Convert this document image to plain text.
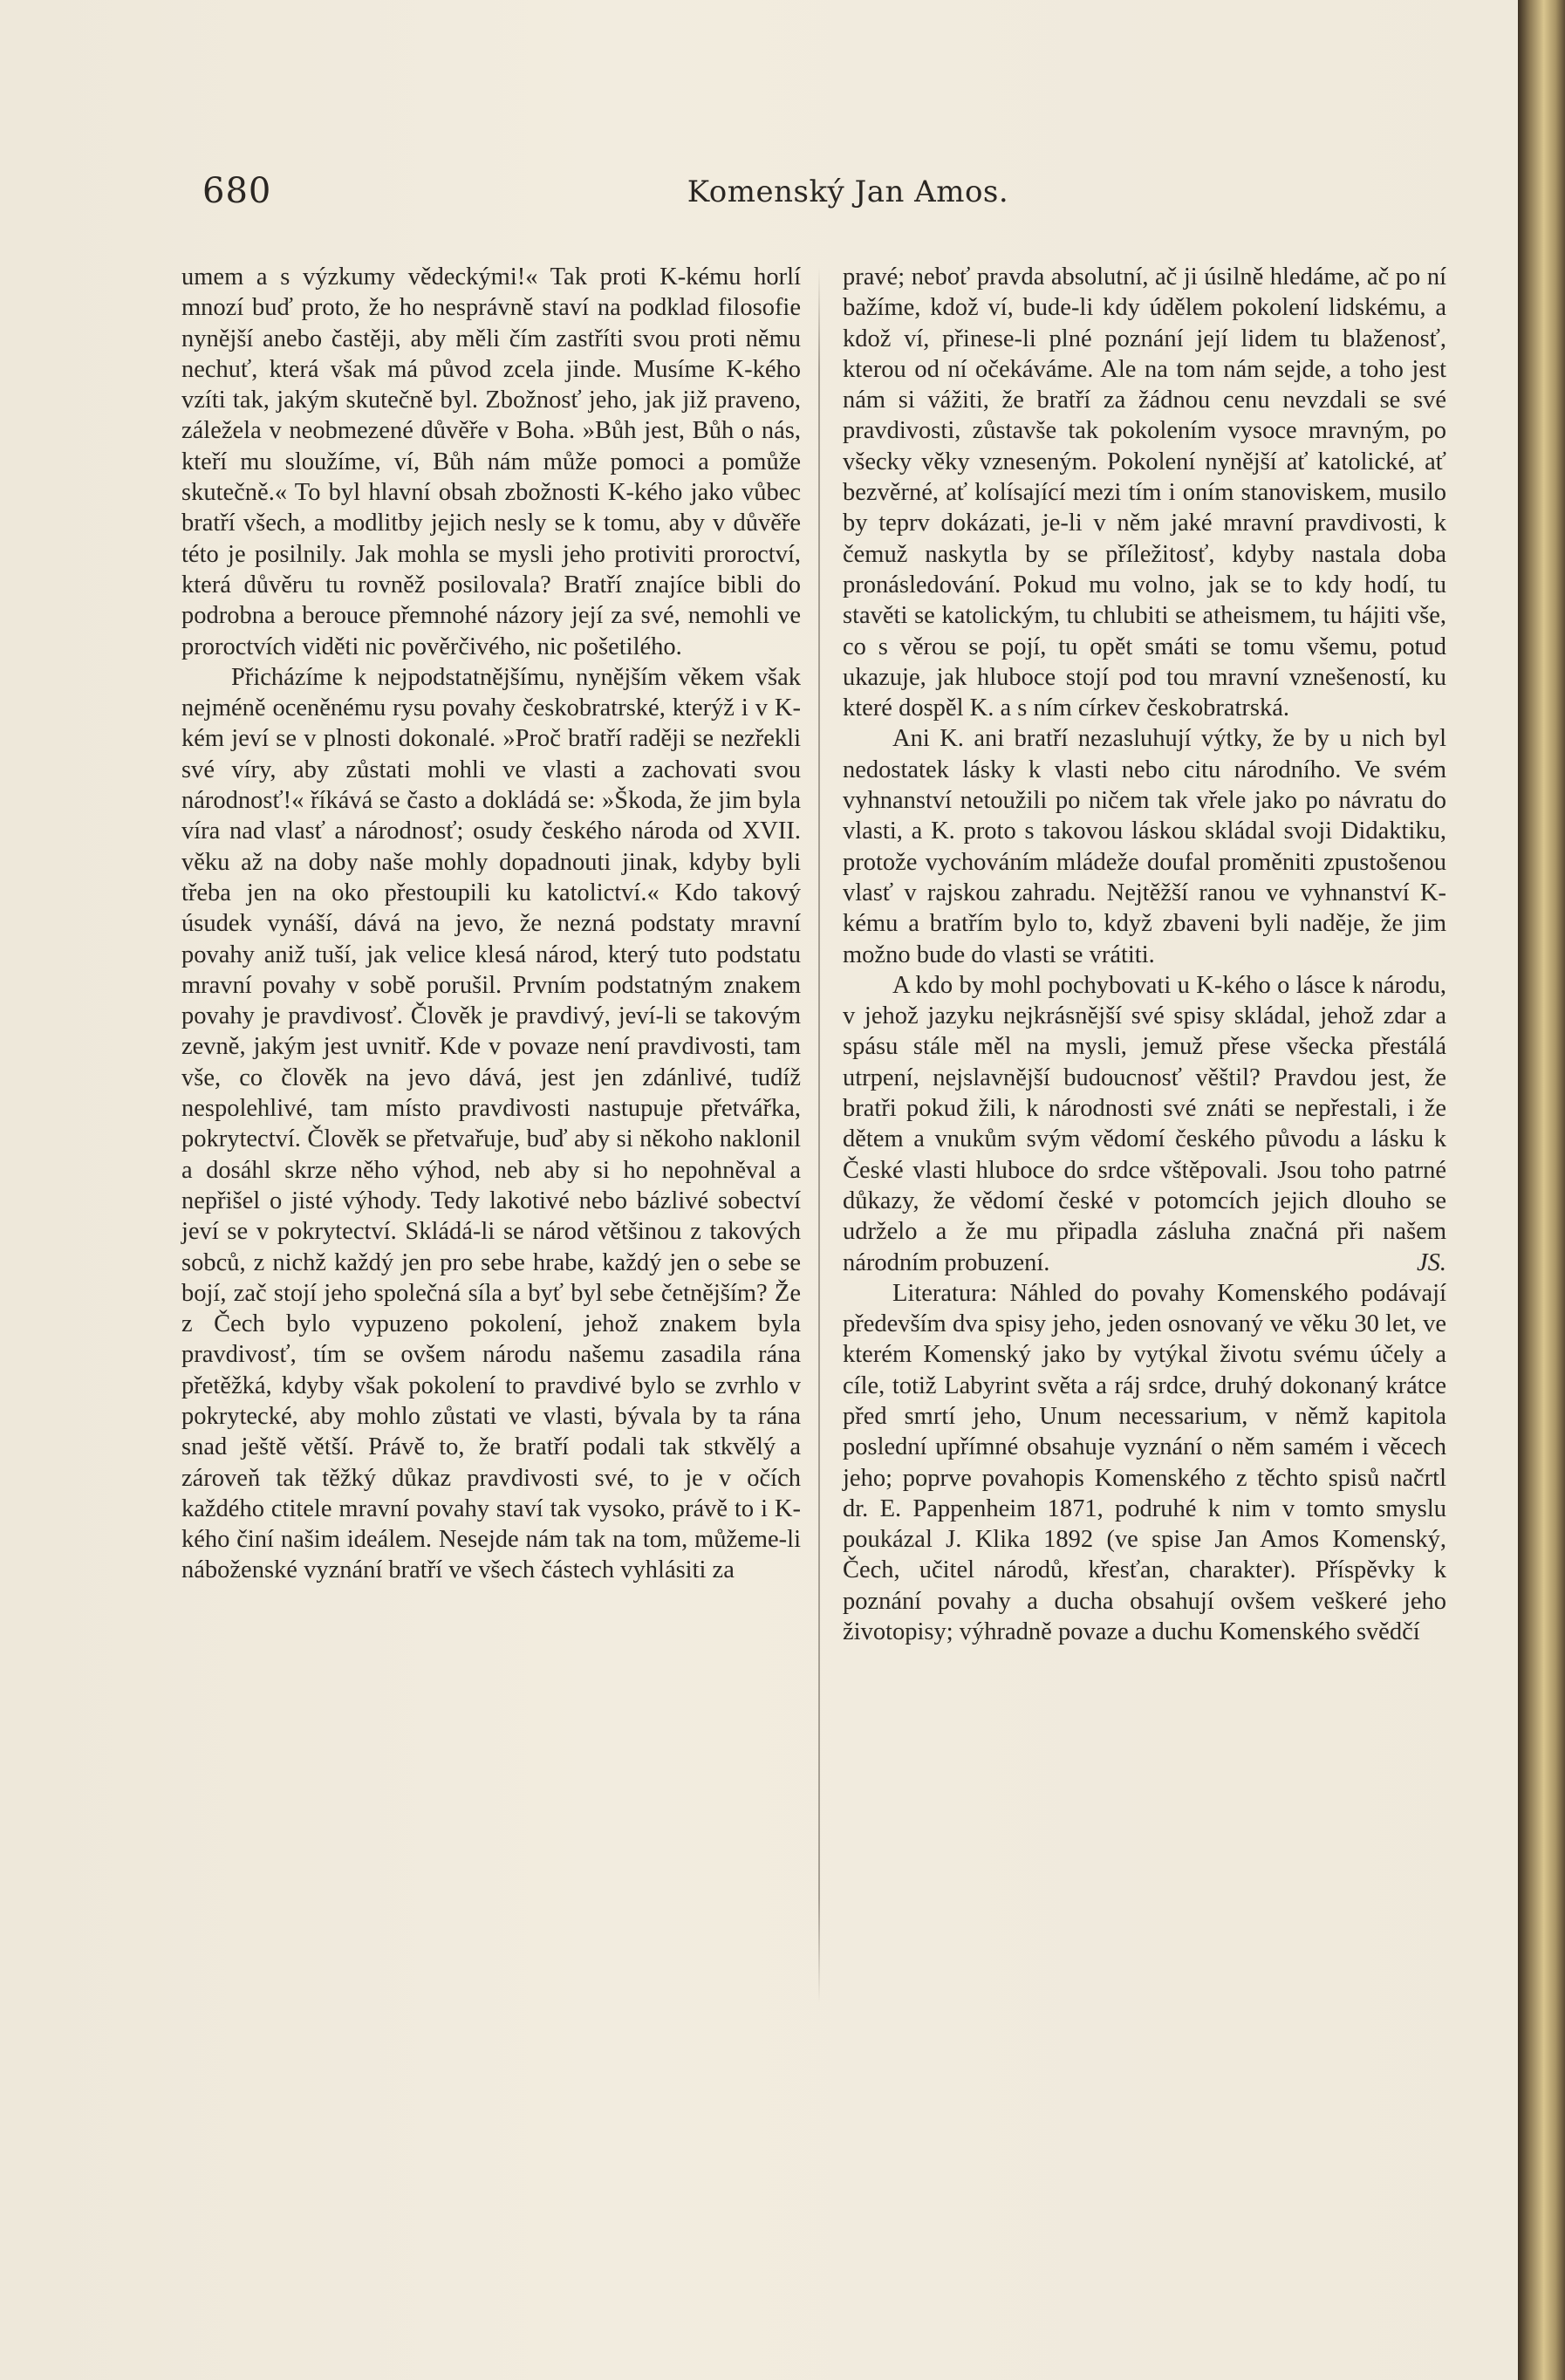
680	Komenský Jan Amos.

umem a s výzkumy vědeckými!« Tak proti K-kému horlí mnozí buď proto, že ho nesprávně staví na podklad filosofie nynější anebo častěji, aby měli čím zastříti svou proti němu nechuť, která však má původ zcela jinde. Musíme K-kého vzíti tak, jakým skutečně byl. Zbožnosť jeho, jak již praveno, záležela v neobmezené důvěře v Boha. »Bůh jest, Bůh o nás, kteří mu sloužíme, ví, Bůh nám může pomoci a pomůže skutečně.« To byl hlavní obsah zbožnosti K-kého jako vůbec bratří všech, a modlitby jejich nesly se k tomu, aby v důvěře této je posilnily. Jak mohla se mysli jeho protiviti proroctví, která důvěru tu rovněž posilovala? Bratří znajíce bibli do podrobna a berouce přemnohé názory její za své, nemohli ve proroctvích viděti nic pověrčivého, nic pošetilého.

Přicházíme k nejpodstatnějšímu, nynějším věkem však nejméně oceněnému rysu povahy českobratrské, kterýž i v K-kém jeví se v plnosti dokonalé. »Proč bratří raději se nezřekli své víry, aby zůstati mohli ve vlasti a zachovati svou národnosť!« říkává se často a dokládá se: »Škoda, že jim byla víra nad vlasť a národnosť; osudy českého národa od XVII. věku až na doby naše mohly dopadnouti jinak, kdyby byli třeba jen na oko přestoupili ku katolictví.« Kdo takový úsudek vynáší, dává na jevo, že nezná podstaty mravní povahy aniž tuší, jak velice klesá národ, který tuto podstatu mravní povahy v sobě porušil. Prvním podstatným znakem povahy je pravdivosť. Člověk je pravdivý, jeví-li se takovým zevně, jakým jest uvnitř. Kde v povaze není pravdivosti, tam vše, co člověk na jevo dává, jest jen zdánlivé, tudíž nespolehlivé, tam místo pravdivosti nastupuje přetvářka, pokrytectví. Člověk se přetvařuje, buď aby si někoho naklonil a dosáhl skrze něho výhod, neb aby si ho nepohněval a nepřišel o jisté výhody. Tedy lakotivé nebo bázlivé sobectví jeví se v pokrytectví. Skládá-li se národ většinou z takových sobců, z nichž každý jen pro sebe hrabe, každý jen o sebe se bojí, zač stojí jeho společná síla a byť byl sebe četnějším? Že z Čech bylo vypuzeno pokolení, jehož znakem byla pravdivosť, tím se ovšem národu našemu zasadila rána přetěžká, kdyby však pokolení to pravdivé bylo se zvrhlo v pokrytecké, aby mohlo zůstati ve vlasti, bývala by ta rána snad ještě větší. Právě to, že bratří podali tak stkvělý a zároveň tak těžký důkaz pravdivosti své, to je v očích každého ctitele mravní povahy staví tak vysoko, právě to i K-kého činí našim ideálem. Nesejde nám tak na tom, můžeme-li náboženské vyznání bratří ve všech částech vyhlásiti za

pravé; neboť pravda absolutní, ač ji úsilně hledáme, ač po ní bažíme, kdož ví, bude-li kdy údělem pokolení lidskému, a kdož ví, přinese-li plné poznání její lidem tu blaženosť, kterou od ní očekáváme. Ale na tom nám sejde, a toho jest nám si vážiti, že bratří za žádnou cenu nevzdali se své pravdivosti, zůstavše tak pokolením vysoce mravným, po všecky věky vzneseným. Pokolení nynější ať katolické, ať bezvěrné, ať kolísající mezi tím i oním stanoviskem, musilo by teprv dokázati, je-li v něm jaké mravní pravdivosti, k čemuž naskytla by se příležitosť, kdyby nastala doba pronásledování. Pokud mu volno, jak se to kdy hodí, tu stavěti se katolickým, tu chlubiti se atheismem, tu hájiti vše, co s věrou se pojí, tu opět smáti se tomu všemu, potud ukazuje, jak hluboce stojí pod tou mravní vznešeností, ku které dospěl K. a s ním církev českobratrská.

Ani K. ani bratří nezasluhují výtky, že by u nich byl nedostatek lásky k vlasti nebo citu národního. Ve svém vyhnanství netoužili po ničem tak vřele jako po návratu do vlasti, a K. proto s takovou láskou skládal svoji Didaktiku, protože vychováním mládeže doufal proměniti zpustošenou vlasť v rajskou zahradu. Nejtěžší ranou ve vyhnanství K-kému a bratřím bylo to, když zbaveni byli naděje, že jim možno bude do vlasti se vrátiti.

A kdo by mohl pochybovati u K-kého o lásce k národu, v jehož jazyku nejkrásnější své spisy skládal, jehož zdar a spásu stále měl na mysli, jemuž přese všecka přestálá utrpení, nejslavnější budoucnosť věštil? Pravdou jest, že bratři pokud žili, k národnosti své znáti se nepřestali, i že dětem a vnukům svým vědomí českého původu a lásku k České vlasti hluboce do srdce vštěpovali. Jsou toho patrné důkazy, že vědomí české v potomcích jejich dlouho se udrželo a že mu připadla zásluha značná při našem národním probuzení.	JS.

Literatura: Náhled do povahy Komenského podávají především dva spisy jeho, jeden osnovaný ve věku 30 let, ve kterém Komenský jako by vytýkal životu svému účely a cíle, totiž Labyrint světa a ráj srdce, druhý dokonaný krátce před smrtí jeho, Unum necessarium, v němž kapitola poslední upřímné obsahuje vyznání o něm samém i věcech jeho; poprve povahopis Komenského z těchto spisů načrtl dr. E. Pappenheim 1871, podruhé k nim v tomto smyslu poukázal J. Klika 1892 (ve spise Jan Amos Komenský, Čech, učitel národů, křesťan, charakter). Příspěvky k poznání povahy a ducha obsahují ovšem veškeré jeho životopisy; výhradně povaze a duchu Komenského svědčí
